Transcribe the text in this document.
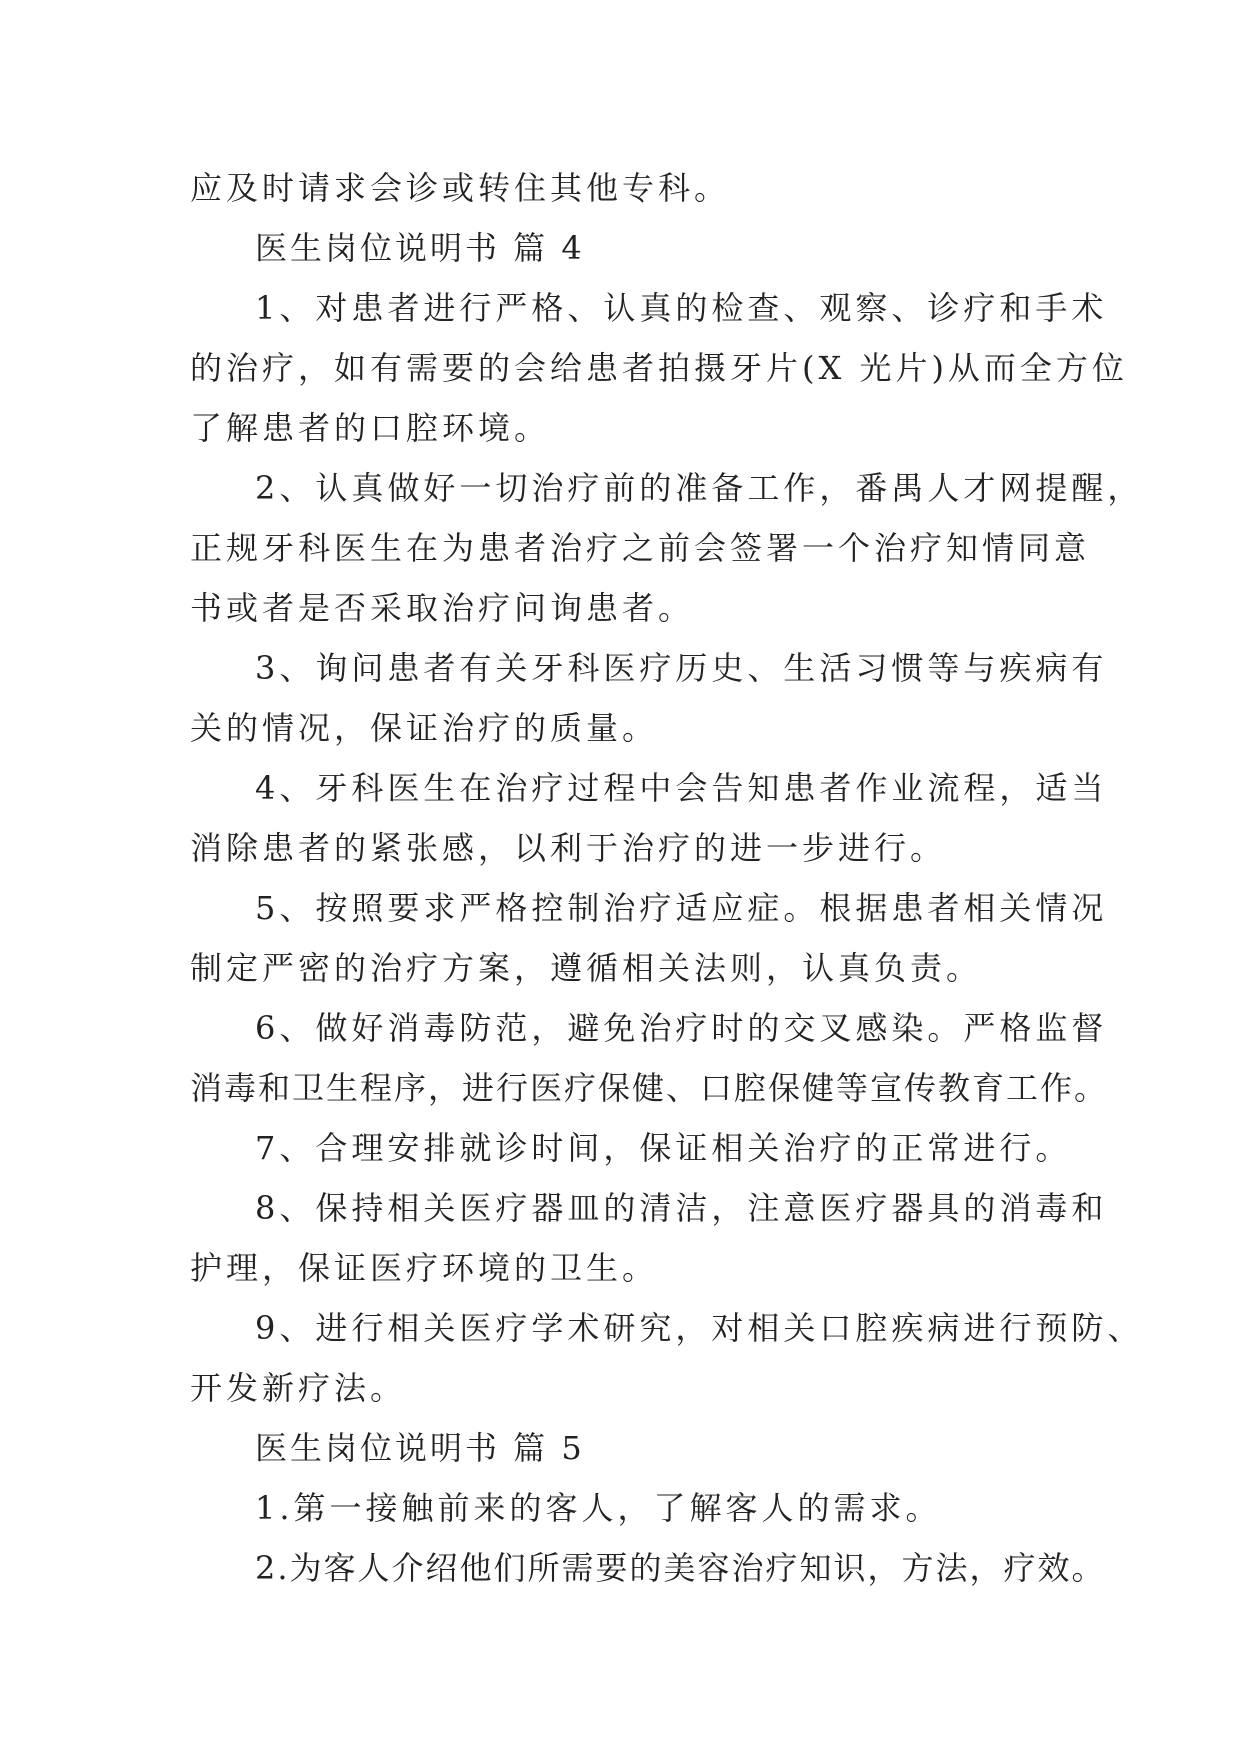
应及时请求会诊或转住其他专科。
医生岗位说明书 篇 4
1、对患者进行严格、认真的检查、观察、诊疗和手术
的治疗，如有需要的会给患者拍摄牙片(X 光片)从而全方位
了解患者的口腔环境。
2、认真做好一切治疗前的准备工作，番禺人才网提醒，
正规牙科医生在为患者治疗之前会签署一个治疗知情同意
书或者是否采取治疗问询患者。
3、询问患者有关牙科医疗历史、生活习惯等与疾病有
关的情况，保证治疗的质量。
4、牙科医生在治疗过程中会告知患者作业流程，适当
消除患者的紧张感，以利于治疗的进一步进行。
5、按照要求严格控制治疗适应症。根据患者相关情况
制定严密的治疗方案，遵循相关法则，认真负责。
6、做好消毒防范，避免治疗时的交叉感染。严格监督
消毒和卫生程序，进行医疗保健、口腔保健等宣传教育工作。
7、合理安排就诊时间，保证相关治疗的正常进行。
8、保持相关医疗器皿的清洁，注意医疗器具的消毒和
护理，保证医疗环境的卫生。
9、进行相关医疗学术研究，对相关口腔疾病进行预防、
开发新疗法。
医生岗位说明书 篇 5
1.第一接触前来的客人，了解客人的需求。
2.为客人介绍他们所需要的美容治疗知识，方法，疗效。
